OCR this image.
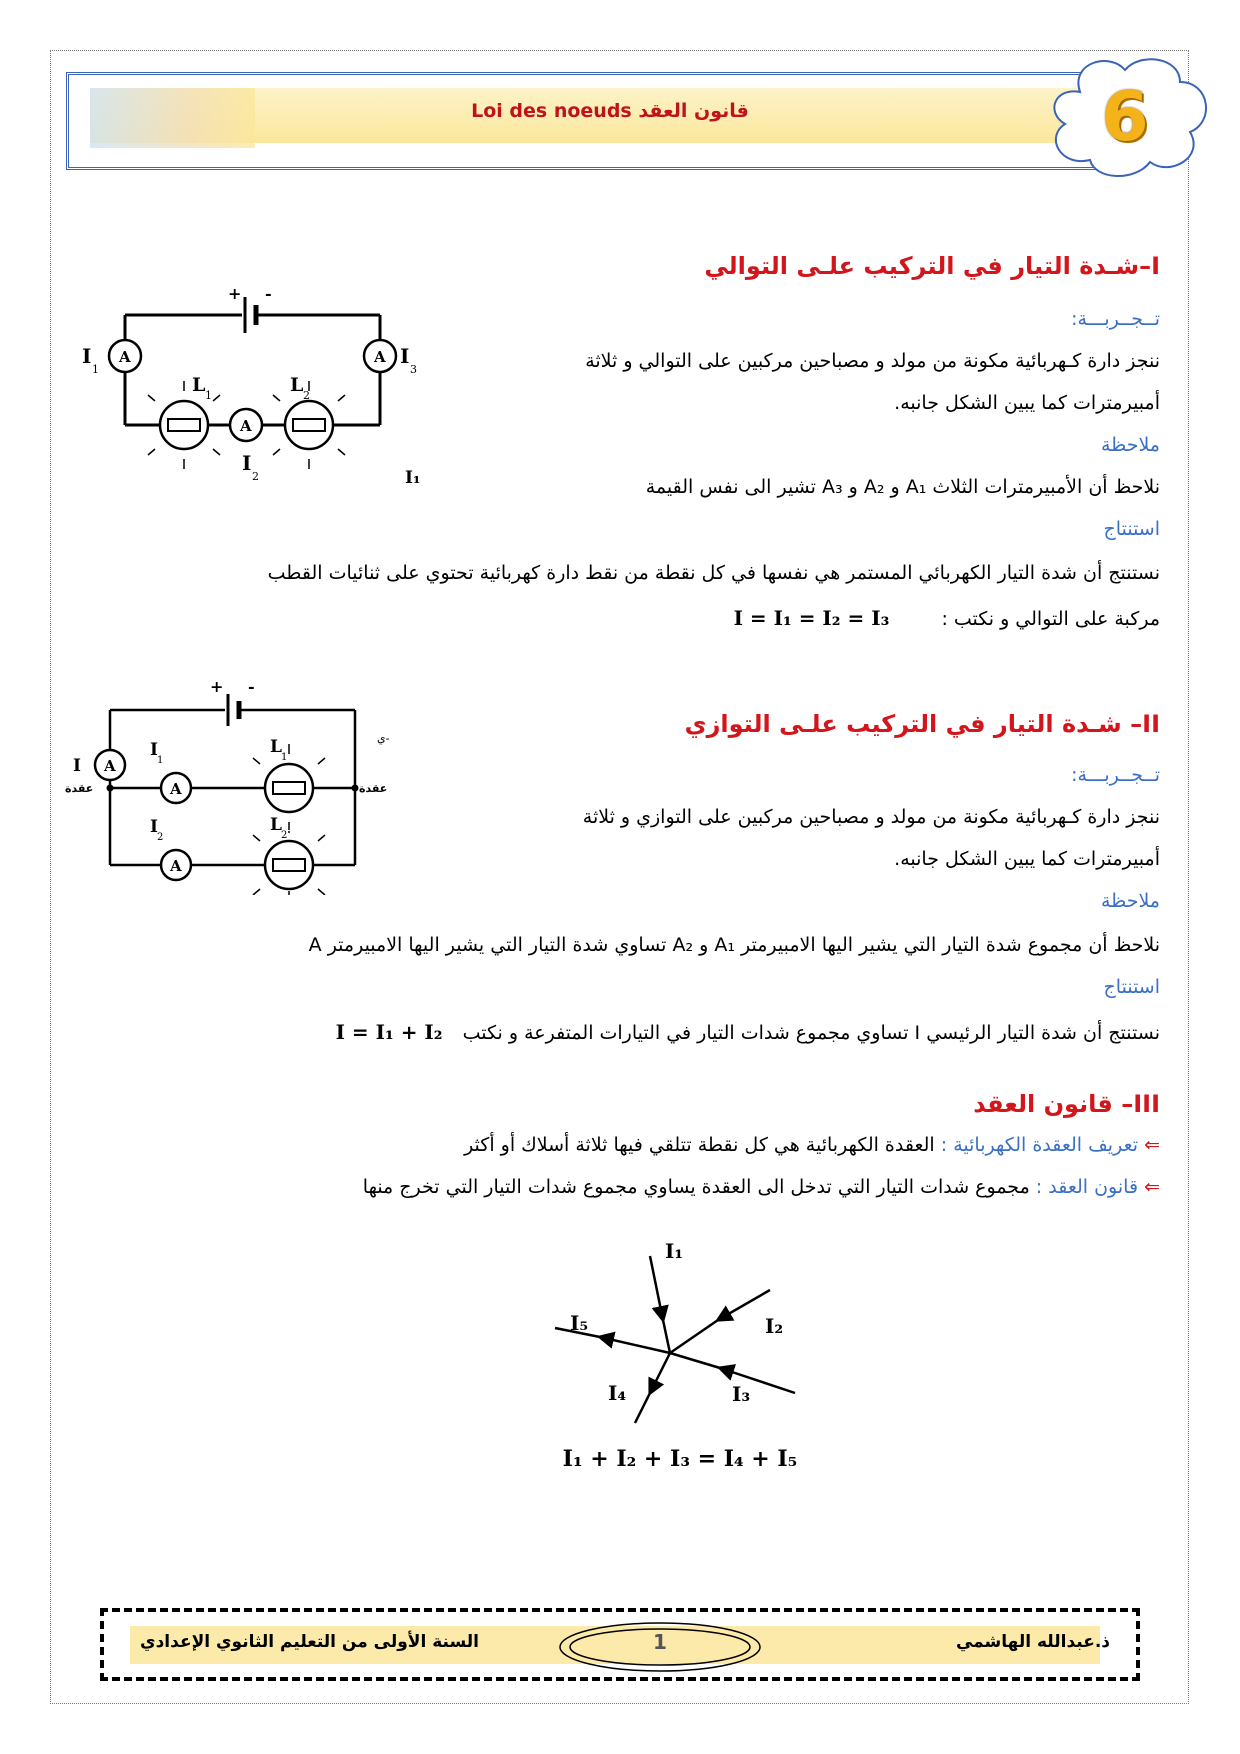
Loi des noeuds قانون العقد	6
I–شـدة التيار في التركيب علـى التوالي
تــجــربـــة:
ننجز دارة كـهربائية مكونة من مولد و مصباحين مركبين على التوالي و ثلاثة
أمبيرمترات كما يبين الشكل جانبه.
ملاحظة
نلاحظ أن الأمبيرمترات الثلاث A₁ و A₂ و A₃ تشير الى نفس القيمة
استنتاج
نستنتج أن شدة التيار الكهربائي المستمر هي نفسها في كل نقطة من نقط دارة كهربائية تحتوي على ثنائيات القطب
مركبة على التوالي و نكتب :  I = I₁ = I₂ = I₃
+ -
A	A
A
I
1
I
3
I
2
L 1	L 2
I₁
II– شـدة التيار في التركيب علـى التوازي
تــجــربـــة:
ننجز دارة كـهربائية مكونة من مولد و مصباحين مركبين على التوازي و ثلاثة
أمبيرمترات كما يبين الشكل جانبه.
ملاحظة
نلاحظ أن مجموع شدة التيار التي يشير اليها الامبيرمتر A₁ و A₂ تساوي شدة التيار التي يشير اليها الامبيرمتر A
استنتاج
نستنتج أن شدة التيار الرئيسي I تساوي مجموع شدات التيار في التيارات المتفرعة و نكتب  I = I₁ + I₂
+ -
A
A
A
I
I
1
I
2
L
1
L
2
عقدة	عقدة
ي-
III– قانون العقد
⇐ تعريف العقدة الكهربائية : العقدة الكهربائية هي كل نقطة تتلقي فيها ثلاثة أسلاك أو أكثر
⇐ قانون العقد : مجموع شدات التيار التي تدخل الى العقدة يساوي مجموع شدات التيار التي تخرج منها
I₁
I₂
I₃
I₄
I₅
I₁ + I₂ + I₃ = I₄ + I₅
1
السنة الأولى من التعليم الثانوي الإعدادي	ذ.عبدالله الهاشمي
